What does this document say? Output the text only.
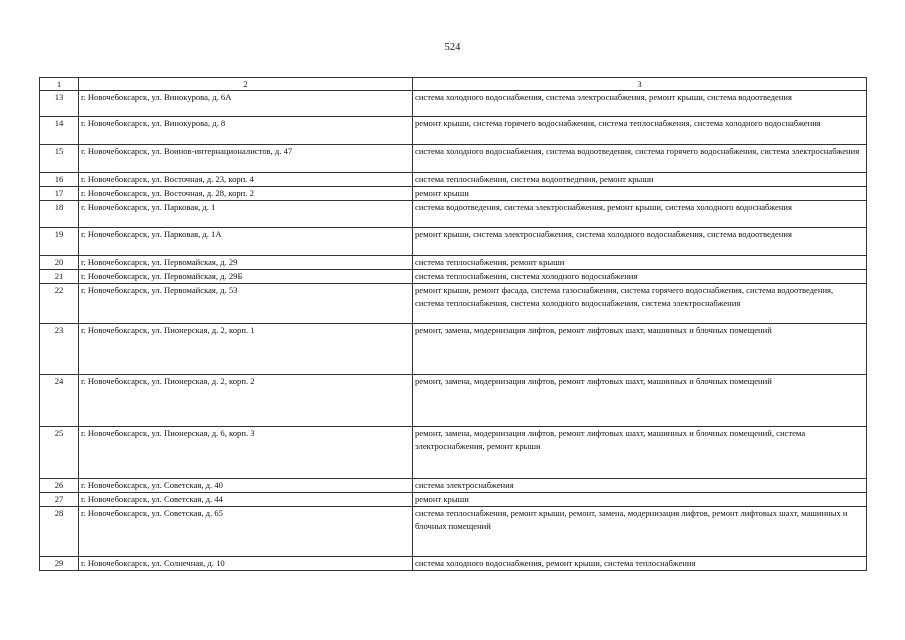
524
1	2	3
13	г. Новочебоксарск, ул. Винокурова, д. 6А	система холодного водоснабжения, система электроснабжения, ремонт крыши, система водоотведения
14	г. Новочебоксарск, ул. Винокурова, д. 8	ремонт крыши, система горячего водоснабжения, система теплоснабжения, система холодного водоснабжения
15	г. Новочебоксарск, ул. Воинов-интернационалистов, д. 47	система холодного водоснабжения, система водоотведения, система горячего водоснабжения, система электроснабжения
16	г. Новочебоксарск, ул. Восточная, д. 23, корп. 4	система теплоснабжения, система водоотведения, ремонт крыши
17	г. Новочебоксарск, ул. Восточная, д. 28, корп. 2	ремонт крыши
18	г. Новочебоксарск, ул. Парковая, д. 1	система водоотведения, система электроснабжения, ремонт крыши, система холодного водоснабжения
19	г. Новочебоксарск, ул. Парковая, д. 1А	ремонт крыши, система электроснабжения, система холодного водоснабжения, система водоотведения
20	г. Новочебоксарск, ул. Первомайская, д. 29	система теплоснабжения, ремонт крыши
21	г. Новочебоксарск, ул. Первомайская, д. 29Б	система теплоснабжения, система холодного водоснабжения
22	г. Новочебоксарск, ул. Первомайская, д. 53	ремонт крыши, ремонт фасада, система газоснабжения, система горячего водоснабжения, система водоотведения, система теплоснабжения, система холодного водоснабжения, система электроснабжения
23	г. Новочебоксарск, ул. Пионерская, д. 2, корп. 1	ремонт, замена, модернизация лифтов, ремонт лифтовых шахт, машинных и блочных помещений
24	г. Новочебоксарск, ул. Пионерская, д. 2, корп. 2	ремонт, замена, модернизация лифтов, ремонт лифтовых шахт, машинных и блочных помещений
25	г. Новочебоксарск, ул. Пионерская, д. 6, корп. 3	ремонт, замена, модернизация лифтов, ремонт лифтовых шахт, машинных и блочных помещений, система электроснабжения, ремонт крыши
26	г. Новочебоксарск, ул. Советская, д. 40	система электроснабжения
27	г. Новочебоксарск, ул. Советская, д. 44	ремонт крыши
28	г. Новочебоксарск, ул. Советская, д. 65	система теплоснабжения, ремонт крыши, ремонт, замена, модернизация лифтов, ремонт лифтовых шахт, машинных и блочных помещений
29	г. Новочебоксарск, ул. Солнечная, д. 10	система холодного водоснабжения, ремонт крыши, система теплоснабжения
